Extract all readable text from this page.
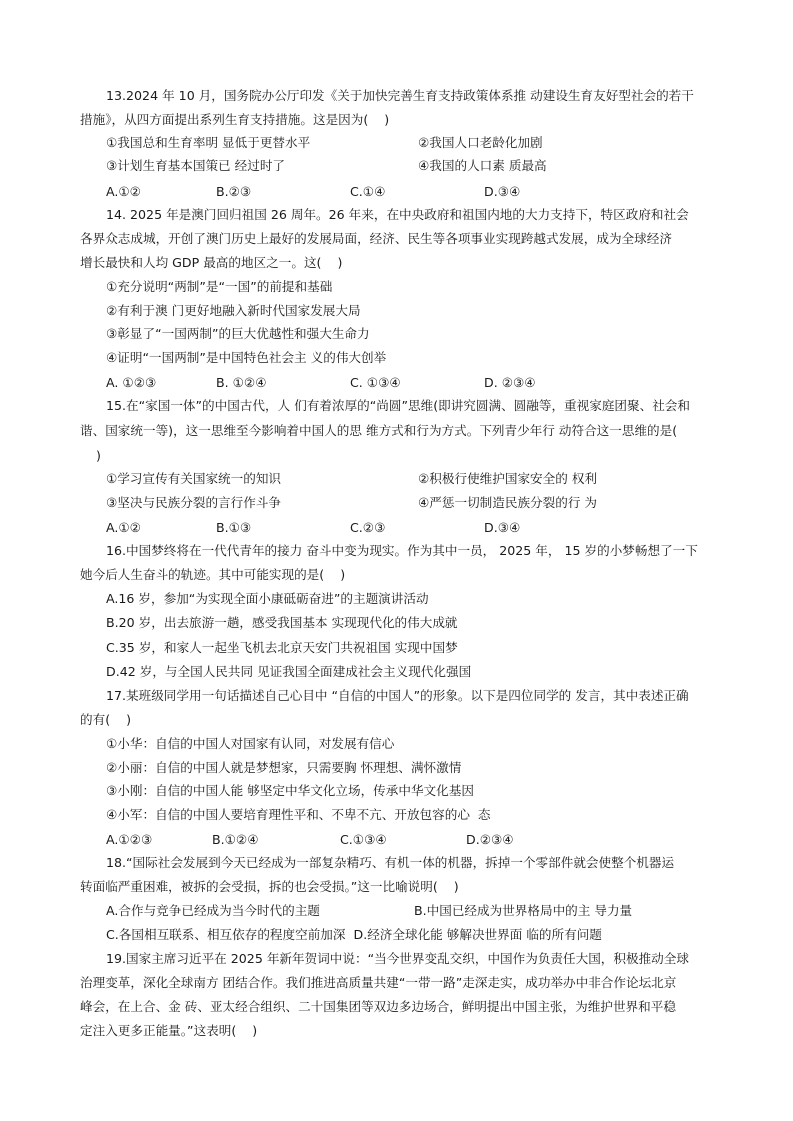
13.2024 年 10 月，国务院办公厅印发《关于加快完善生育支持政策体系推 动建设生育友好型社会的若干
措施》，从四方面提出系列生育支持措施。这是因为(    )
①我国总和生育率明 显低于更替水平	②我国人口老龄化加剧
③计划生育基本国策已 经过时了	④我国的人口素 质最高
A.①②	B.②③	C.①④	D.③④
14. 2025 年是澳门回归祖国 26 周年。26 年来，在中央政府和祖国内地的大力支持下，特区政府和社会
各界众志成城，开创了澳门历史上最好的发展局面，经济、民生等各项事业实现跨越式发展，成为全球经济
增长最快和人均 GDP 最高的地区之一。这(    )
①充分说明“两制”是“一国”的前提和基础
②有利于澳 门更好地融入新时代国家发展大局
③彰显了“一国两制”的巨大优越性和强大生命力
④证明“一国两制”是中国特色社会主 义的伟大创举
A. ①②③	B. ①②④	C. ①③④	D. ②③④
15.在“家国一体”的中国古代，人 们有着浓厚的“尚圆”思维(即讲究圆满、圆融等，重视家庭团聚、社会和
谐、国家统一等)，这一思维至今影响着中国人的思 维方式和行为方式。下列青少年行 动符合这一思维的是(
)
①学习宣传有关国家统一的知识	②积极行使维护国家安全的 权利
③坚决与民族分裂的言行作斗争	④严惩一切制造民族分裂的行 为
A.①②	B.①③	C.②③	D.③④
16.中国梦终将在一代代青年的接力 奋斗中变为现实。作为其中一员， 2025 年， 15 岁的小梦畅想了一下
她今后人生奋斗的轨迹。其中可能实现的是(    )
A.16 岁，参加“为实现全面小康砥砺奋进”的主题演讲活动
B.20 岁，出去旅游一趟，感受我国基本 实现现代化的伟大成就
C.35 岁，和家人一起坐飞机去北京天安门共祝祖国 实现中国梦
D.42 岁，与全国人民共同 见证我国全面建成社会主义现代化强国
17.某班级同学用一句话描述自己心目中 “自信的中国人”的形象。以下是四位同学的 发言，其中表述正确
的有(    )
①小华：自信的中国人对国家有认同，对发展有信心
②小丽：自信的中国人就是梦想家，只需要胸 怀理想、满怀激情
③小刚：自信的中国人能 够坚定中华文化立场，传承中华文化基因
④小军：自信的中国人要培育理性平和、不卑不亢、开放包容的心  态
A.①②③	B.①②④	C.①③④	D.②③④
18.“国际社会发展到今天已经成为一部复杂精巧、有机一体的机器，拆掉一个零部件就会使整个机器运
转面临严重困难，被拆的会受损，拆的也会受损。”这一比喻说明(    )
A.合作与竞争已经成为当今时代的主题	B.中国已经成为世界格局中的主 导力量
C.各国相互联系、相互依存的程度空前加深  D.经济全球化能 够解决世界面 临的所有问题
19.国家主席习近平在 2025 年新年贺词中说：“当今世界变乱交织，中国作为负责任大国，积极推动全球
治理变革，深化全球南方 团结合作。我们推进高质量共建“一带一路”走深走实，成功举办中非合作论坛北京
峰会，在上合、金 砖、亚太经合组织、二十国集团等双边多边场合，鲜明提出中国主张，为维护世界和平稳
定注入更多正能量。”这表明(    )
